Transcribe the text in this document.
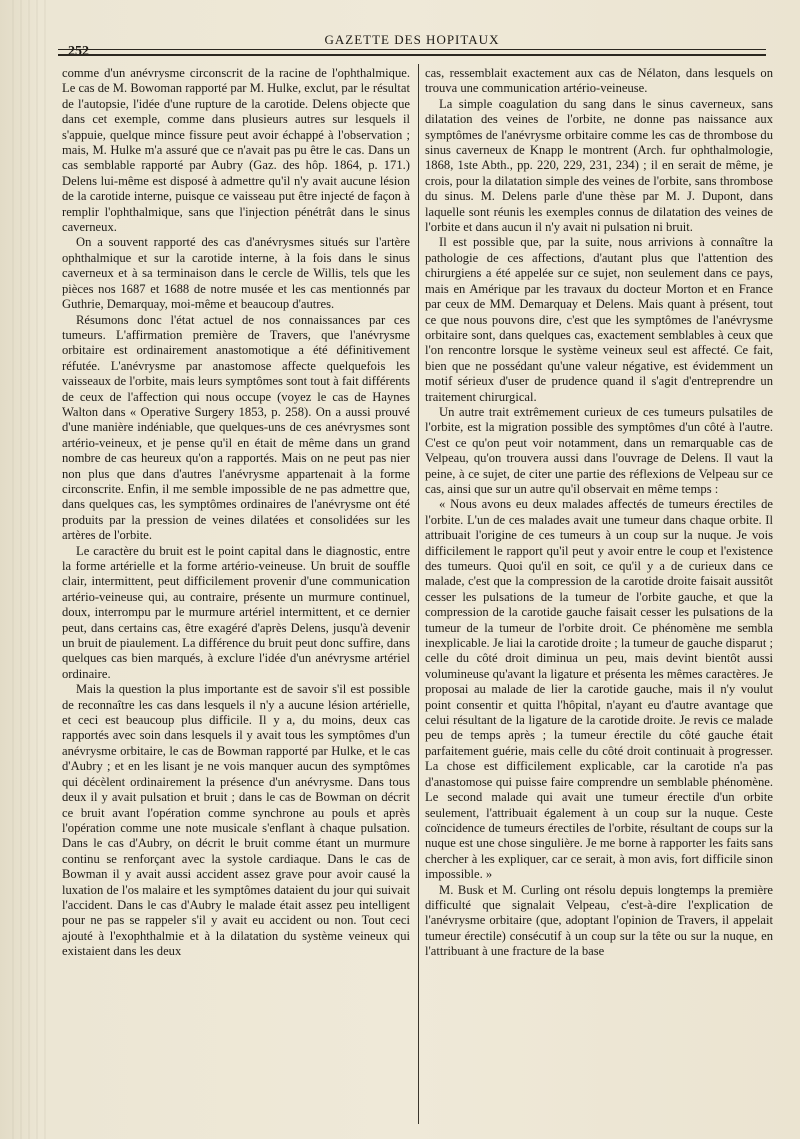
252
GAZETTE DES HOPITAUX

comme d'un anévrysme circonscrit de la racine de l'ophthalmique. Le cas de M. Bowoman rapporté par M. Hulke, exclut, par le résultat de l'autopsie, l'idée d'une rupture de la carotide. Delens objecte que dans cet exemple, comme dans plusieurs autres sur lesquels il s'appuie, quelque mince fissure peut avoir échappé à l'observation ; mais, M. Hulke m'a assuré que ce n'avait pas pu être le cas. Dans un cas semblable rapporté par Aubry (Gaz. des hôp. 1864, p. 171.) Delens lui-même est disposé à admettre qu'il n'y avait aucune lésion de la carotide interne, puisque ce vaisseau put être injecté de façon à remplir l'ophthalmique, sans que l'injection pénétrât dans le sinus caverneux.

On a souvent rapporté des cas d'anévrysmes situés sur l'artère ophthalmique et sur la carotide interne, à la fois dans le sinus caverneux et à sa terminaison dans le cercle de Willis, tels que les pièces nos 1687 et 1688 de notre musée et les cas mentionnés par Guthrie, Demarquay, moi-même et beaucoup d'autres.

Résumons donc l'état actuel de nos connaissances par ces tumeurs. L'affirmation première de Travers, que l'anévrysme orbitaire est ordinairement anastomotique a été définitivement réfutée. L'anévrysme par anastomose affecte quelquefois les vaisseaux de l'orbite, mais leurs symptômes sont tout à fait différents de ceux de l'affection qui nous occupe (voyez le cas de Haynes Walton dans « Operative Surgery 1853, p. 258). On a aussi prouvé d'une manière indéniable, que quelques-uns de ces anévrysmes sont artério-veineux, et je pense qu'il en était de même dans un grand nombre de cas heureux qu'on a rapportés. Mais on ne peut pas nier non plus que dans d'autres l'anévrysme appartenait à la forme circonscrite. Enfin, il me semble impossible de ne pas admettre que, dans quelques cas, les symptômes ordinaires de l'anévrysme ont été produits par la pression de veines dilatées et consolidées sur les artères de l'orbite.

Le caractère du bruit est le point capital dans le diagnostic, entre la forme artérielle et la forme artério-veineuse. Un bruit de souffle clair, intermittent, peut difficilement provenir d'une communication artério-veineuse qui, au contraire, présente un murmure continuel, doux, interrompu par le murmure artériel intermittent, et ce dernier peut, dans certains cas, être exagéré d'après Delens, jusqu'à devenir un bruit de piaulement. La différence du bruit peut donc suffire, dans quelques cas bien marqués, à exclure l'idée d'un anévrysme artériel ordinaire.

Mais la question la plus importante est de savoir s'il est possible de reconnaître les cas dans lesquels il n'y a aucune lésion artérielle, et ceci est beaucoup plus difficile. Il y a, du moins, deux cas rapportés avec soin dans lesquels il y avait tous les symptômes d'un anévrysme orbitaire, le cas de Bowman rapporté par Hulke, et le cas d'Aubry ; et en les lisant je ne vois manquer aucun des symptômes qui décèlent ordinairement la présence d'un anévrysme. Dans tous deux il y avait pulsation et bruit ; dans le cas de Bowman on décrit ce bruit avant l'opération comme synchrone au pouls et après l'opération comme une note musicale s'enflant à chaque pulsation. Dans le cas d'Aubry, on décrit le bruit comme étant un murmure continu se renforçant avec la systole cardiaque. Dans le cas de Bowman il y avait aussi accident assez grave pour avoir causé la luxation de l'os malaire et les symptômes dataient du jour qui suivait l'accident. Dans le cas d'Aubry le malade était assez peu intelligent pour ne pas se rappeler s'il y avait eu accident ou non. Tout ceci ajouté à l'exophthalmie et à la dilatation du système veineux qui existaient dans les deux

cas, ressemblait exactement aux cas de Nélaton, dans lesquels on trouva une communication artério-veineuse.

La simple coagulation du sang dans le sinus caverneux, sans dilatation des veines de l'orbite, ne donne pas naissance aux symptômes de l'anévrysme orbitaire comme les cas de thrombose du sinus caverneux de Knapp le montrent (Arch. fur ophthalmologie, 1868, 1ste Abth., pp. 220, 229, 231, 234) ; il en serait de même, je crois, pour la dilatation simple des veines de l'orbite, sans thrombose du sinus. M. Delens parle d'une thèse par M. J. Dupont, dans laquelle sont réunis les exemples connus de dilatation des veines de l'orbite et dans aucun il n'y avait ni pulsation ni bruit.

Il est possible que, par la suite, nous arrivions à connaître la pathologie de ces affections, d'autant plus que l'attention des chirurgiens a été appelée sur ce sujet, non seulement dans ce pays, mais en Amérique par les travaux du docteur Morton et en France par ceux de MM. Demarquay et Delens. Mais quant à présent, tout ce que nous pouvons dire, c'est que les symptômes de l'anévrysme orbitaire sont, dans quelques cas, exactement semblables à ceux que l'on rencontre lorsque le système veineux seul est affecté. Ce fait, bien que ne possédant qu'une valeur négative, est évidemment un motif sérieux d'user de prudence quand il s'agit d'entreprendre un traitement chirurgical.

Un autre trait extrêmement curieux de ces tumeurs pulsatiles de l'orbite, est la migration possible des symptômes d'un côté à l'autre. C'est ce qu'on peut voir notamment, dans un remarquable cas de Velpeau, qu'on trouvera aussi dans l'ouvrage de Delens. Il vaut la peine, à ce sujet, de citer une partie des réflexions de Velpeau sur ce cas, ainsi que sur un autre qu'il observait en même temps :

« Nous avons eu deux malades affectés de tumeurs érectiles de l'orbite. L'un de ces malades avait une tumeur dans chaque orbite. Il attribuait l'origine de ces tumeurs à un coup sur la nuque. Je vois difficilement le rapport qu'il peut y avoir entre le coup et l'existence des tumeurs. Quoi qu'il en soit, ce qu'il y a de curieux dans ce malade, c'est que la compression de la carotide droite faisait aussitôt cesser les pulsations de la tumeur de l'orbite gauche, et que la compression de la carotide gauche faisait cesser les pulsations de la tumeur de la tumeur de l'orbite droit. Ce phénomène me sembla inexplicable. Je liai la carotide droite ; la tumeur de gauche disparut ; celle du côté droit diminua un peu, mais devint bientôt aussi volumineuse qu'avant la ligature et présenta les mêmes caractères. Je proposai au malade de lier la carotide gauche, mais il n'y voulut point consentir et quitta l'hôpital, n'ayant eu d'autre avantage que celui résultant de la ligature de la carotide droite. Je revis ce malade peu de temps après ; la tumeur érectile du côté gauche était parfaitement guérie, mais celle du côté droit continuait à progresser. La chose est difficilement explicable, car la carotide n'a pas d'anastomose qui puisse faire comprendre un semblable phénomène. Le second malade qui avait une tumeur érectile d'un orbite seulement, l'attribuait également à un coup sur la nuque. Ceste coïncidence de tumeurs érectiles de l'orbite, résultant de coups sur la nuque est une chose singulière. Je me borne à rapporter les faits sans chercher à les expliquer, car ce serait, à mon avis, fort difficile sinon impossible. »

M. Busk et M. Curling ont résolu depuis longtemps la première difficulté que signalait Velpeau, c'est-à-dire l'explication de l'anévrysme orbitaire (que, adoptant l'opinion de Travers, il appelait tumeur érectile) consécutif à un coup sur la tête ou sur la nuque, en l'attribuant à une fracture de la base
